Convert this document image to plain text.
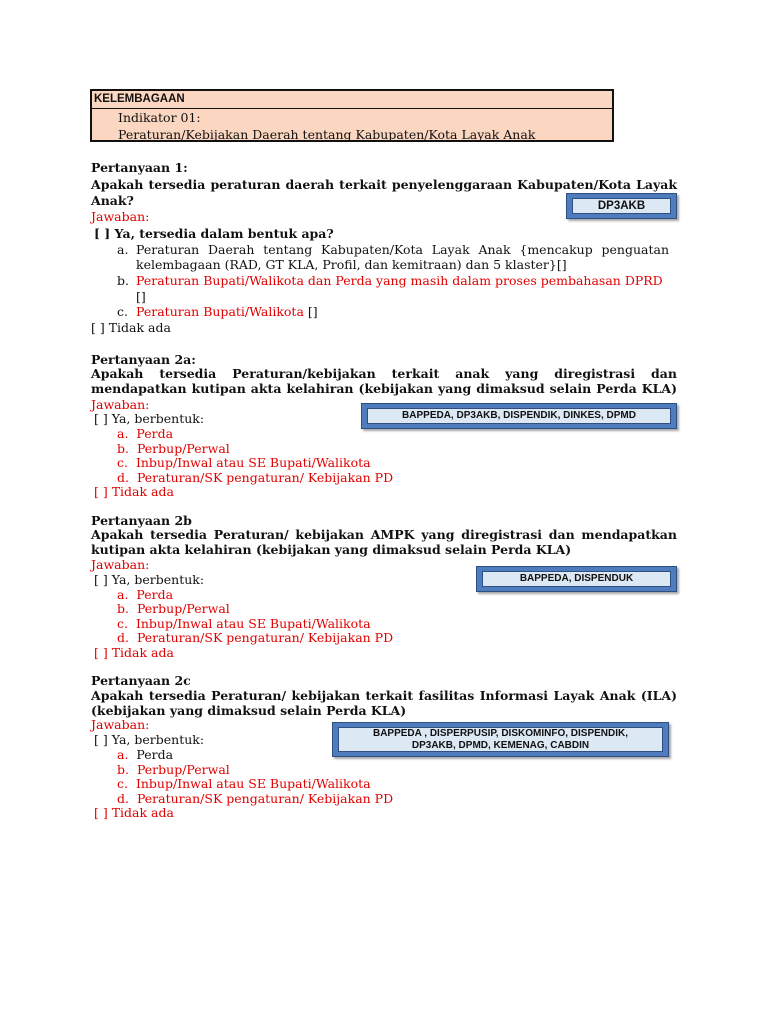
KELEMBAGAAN
Indikator 01:
Peraturan/Kebijakan Daerah tentang Kabupaten/Kota Layak Anak
Pertanyaan 1:
Apakah tersedia peraturan daerah terkait penyelenggaraan Kabupaten/Kota Layak
Anak?	DP3AKB
Jawaban:
[ ] Ya, tersedia dalam bentuk apa?
a. Peraturan Daerah tentang Kabupaten/Kota Layak Anak {mencakup penguatan
kelembagaan (RAD, GT KLA, Profil, dan kemitraan) dan 5 klaster}[]
b. Peraturan Bupati/Walikota dan Perda yang masih dalam proses pembahasan DPRD
[]
c. Peraturan Bupati/Walikota []
[ ] Tidak ada
Pertanyaan 2a:
Apakah tersedia Peraturan/kebijakan terkait anak yang diregistrasi dan
mendapatkan kutipan akta kelahiran (kebijakan yang dimaksud selain Perda KLA)
Jawaban:
BAPPEDA, DP3AKB, DISPENDIK, DINKES, DPMD
[ ] Ya, berbentuk:
a. Perda
b. Perbup/Perwal
c. Inbup/Inwal atau SE Bupati/Walikota
d. Peraturan/SK pengaturan/ Kebijakan PD
[ ] Tidak ada
Pertanyaan 2b
Apakah tersedia Peraturan/ kebijakan AMPK yang diregistrasi dan mendapatkan
kutipan akta kelahiran (kebijakan yang dimaksud selain Perda KLA)
Jawaban:
BAPPEDA, DISPENDUK
[ ] Ya, berbentuk:
a. Perda
b. Perbup/Perwal
c. Inbup/Inwal atau SE Bupati/Walikota
d. Peraturan/SK pengaturan/ Kebijakan PD
[ ] Tidak ada
Pertanyaan 2c
Apakah tersedia Peraturan/ kebijakan terkait fasilitas Informasi Layak Anak (ILA)
(kebijakan yang dimaksud selain Perda KLA)
Jawaban:
BAPPEDA , DISPERPUSIP, DISKOMINFO, DISPENDIK,
DP3AKB, DPMD, KEMENAG, CABDIN
[ ] Ya, berbentuk:
a. Perda
b. Perbup/Perwal
c. Inbup/Inwal atau SE Bupati/Walikota
d. Peraturan/SK pengaturan/ Kebijakan PD
[ ] Tidak ada
